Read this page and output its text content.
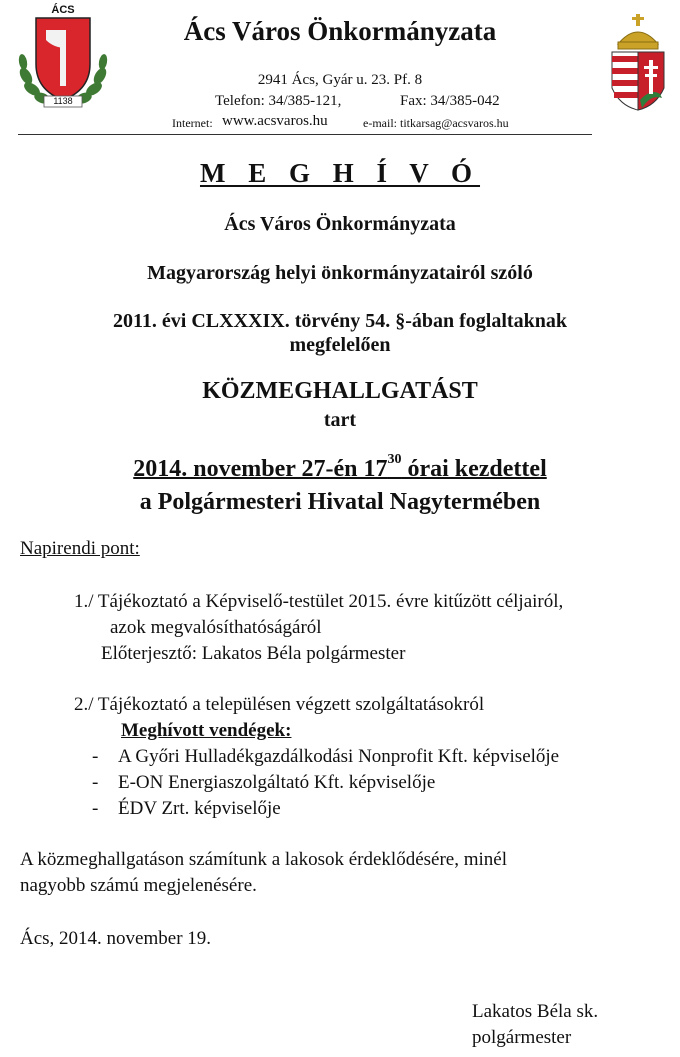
ÁCS
1138
Ács Város Önkormányzata
2941 Ács, Gyár u. 23. Pf. 8
Telefon: 34/385-121,	Fax: 34/385-042
Internet: www.acsvaros.hu	e-mail: titkarsag@acsvaros.hu
M E G H Í V Ó
Ács Város Önkormányzata
Magyarország helyi önkormányzatairól szóló
2011. évi CLXXXIX. törvény 54. §-ában foglaltaknak
megfelelően
KÖZMEGHALLGATÁST
tart
2014. november 27-én $17^{30}$ órai kezdettel
a Polgármesteri Hivatal Nagytermében
Napirendi pont:
1./ Tájékoztató a Képviselő-testület 2015. évre kitűzött céljairól,
azok megvalósíthatóságáról
Előterjesztő: Lakatos Béla polgármester
2./ Tájékoztató a településen végzett szolgáltatásokról
Meghívott vendégek:
- A Győri Hulladékgazdálkodási Nonprofit Kft. képviselője
- E-ON Energiaszolgáltató Kft. képviselője
- ÉDV Zrt. képviselője
A közmeghallgatáson számítunk a lakosok érdeklődésére, minél
nagyobb számú megjelenésére.
Ács, 2014. november 19.
Lakatos Béla sk.
polgármester
